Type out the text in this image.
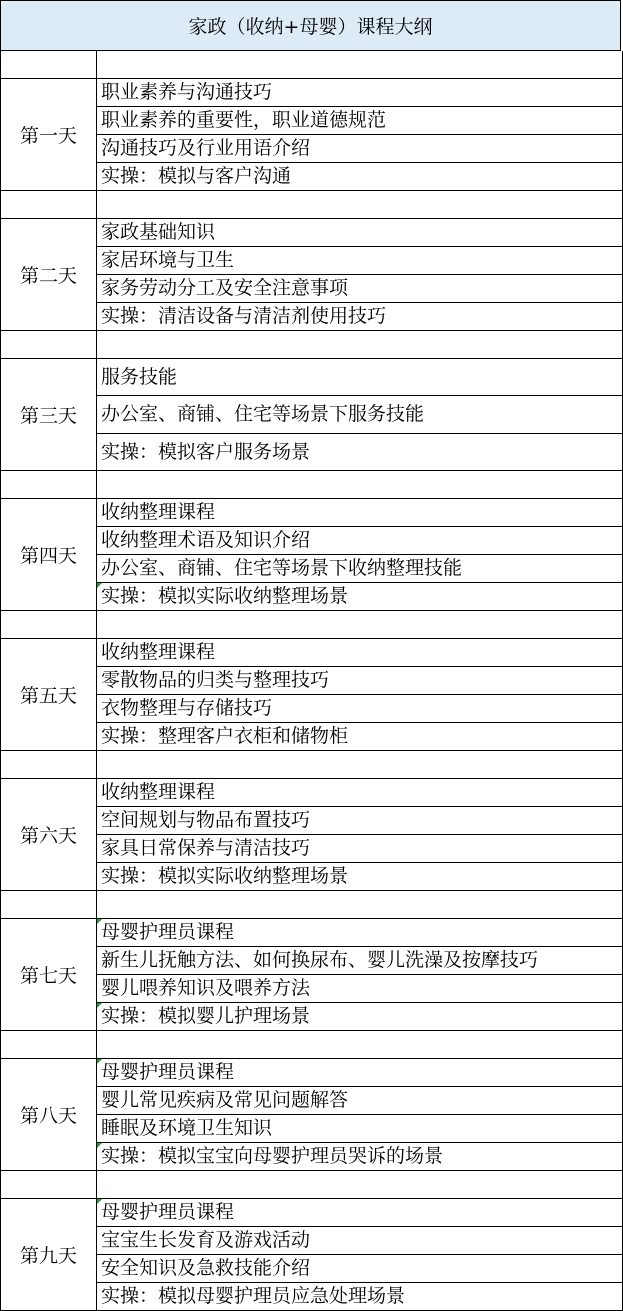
家政（收纳+母婴）课程大纲
第一天
职业素养与沟通技巧
职业素养的重要性，职业道德规范
沟通技巧及行业用语介绍
实操：模拟与客户沟通
第二天
家政基础知识
家居环境与卫生
家务劳动分工及安全注意事项
实操：清洁设备与清洁剂使用技巧
第三天
服务技能
办公室、商铺、住宅等场景下服务技能
实操：模拟客户服务场景
第四天
收纳整理课程
收纳整理术语及知识介绍
办公室、商铺、住宅等场景下收纳整理技能
实操：模拟实际收纳整理场景
第五天
收纳整理课程
零散物品的归类与整理技巧
衣物整理与存储技巧
实操：整理客户衣柜和储物柜
第六天
收纳整理课程
空间规划与物品布置技巧
家具日常保养与清洁技巧
实操：模拟实际收纳整理场景
第七天
母婴护理员课程
新生儿抚触方法、如何换尿布、婴儿洗澡及按摩技巧
婴儿喂养知识及喂养方法
实操：模拟婴儿护理场景
第八天
母婴护理员课程
婴儿常见疾病及常见问题解答
睡眠及环境卫生知识
实操：模拟宝宝向母婴护理员哭诉的场景
第九天
母婴护理员课程
宝宝生长发育及游戏活动
安全知识及急救技能介绍
实操：模拟母婴护理员应急处理场景
